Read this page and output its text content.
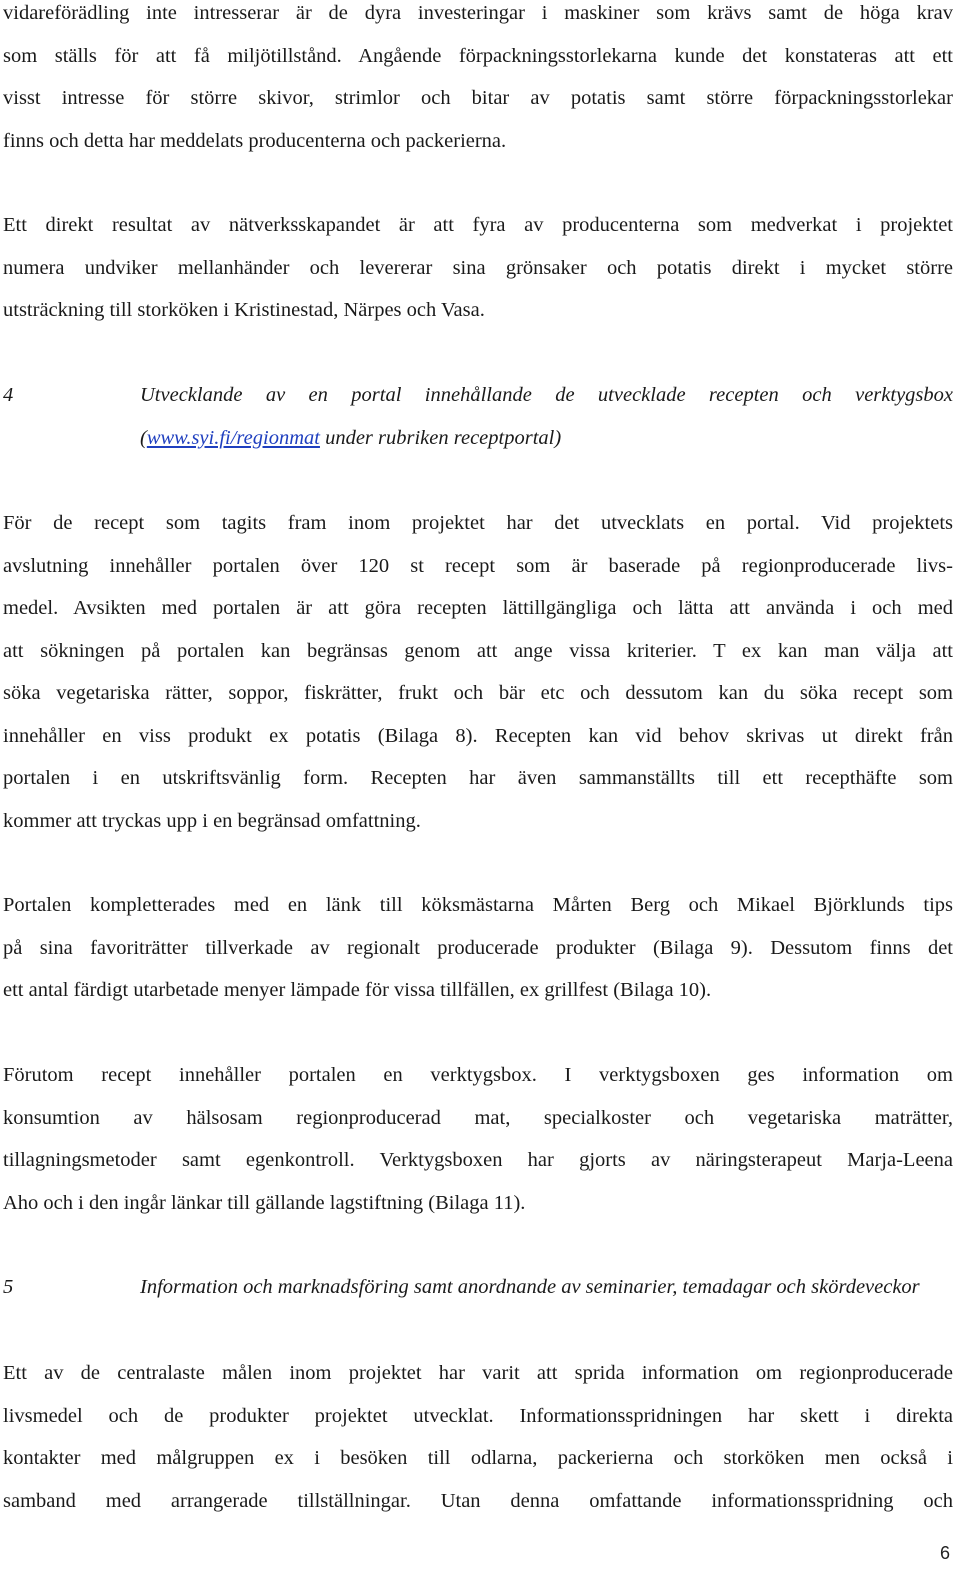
vidareförädling inte intresserar är de dyra investeringar i maskiner som krävs samt de höga krav
som ställs för att få miljötillstånd. Angående förpackningsstorlekarna kunde det konstateras att ett
visst intresse för större skivor, strimlor och bitar av potatis samt större förpackningsstorlekar
finns och detta har meddelats producenterna och packerierna.
Ett direkt resultat av nätverksskapandet är att fyra av producenterna som medverkat i projektet
numera undviker mellanhänder och levererar sina grönsaker och potatis direkt i mycket större
utsträckning till storköken i Kristinestad, Närpes och Vasa.
4	Utvecklande av en portal innehållande de utvecklade recepten och verktygsbox
(www.syi.fi/regionmat under rubriken receptportal)
För de recept som tagits fram inom projektet har det utvecklats en portal. Vid projektets
avslutning innehåller portalen över 120 st recept som är baserade på regionproducerade livs-
medel. Avsikten med portalen är att göra recepten lättillgängliga och lätta att använda i och med
att sökningen på portalen kan begränsas genom att ange vissa kriterier. T ex kan man välja att
söka vegetariska rätter, soppor, fiskrätter, frukt och bär etc och dessutom kan du söka recept som
innehåller en viss produkt ex potatis (Bilaga 8). Recepten kan vid behov skrivas ut direkt från
portalen i en utskriftsvänlig form. Recepten har även sammanställts till ett recepthäfte som
kommer att tryckas upp i en begränsad omfattning.
Portalen kompletterades med en länk till köksmästarna Mårten Berg och Mikael Björklunds tips
på sina favoriträtter tillverkade av regionalt producerade produkter (Bilaga 9). Dessutom finns det
ett antal färdigt utarbetade menyer lämpade för vissa tillfällen, ex grillfest (Bilaga 10).
Förutom recept innehåller portalen en verktygsbox. I verktygsboxen ges information om
konsumtion av hälsosam regionproducerad mat, specialkoster och vegetariska maträtter,
tillagningsmetoder samt egenkontroll. Verktygsboxen har gjorts av näringsterapeut Marja-Leena
Aho och i den ingår länkar till gällande lagstiftning (Bilaga 11).
5	Information och marknadsföring samt anordnande av seminarier, temadagar och skördeveckor
Ett av de centralaste målen inom projektet har varit att sprida information om regionproducerade
livsmedel och de produkter projektet utvecklat. Informationsspridningen har skett i direkta
kontakter med målgruppen ex i besöken till odlarna, packerierna och storköken men också i
samband med arrangerade tillställningar. Utan denna omfattande informationsspridning och
6
